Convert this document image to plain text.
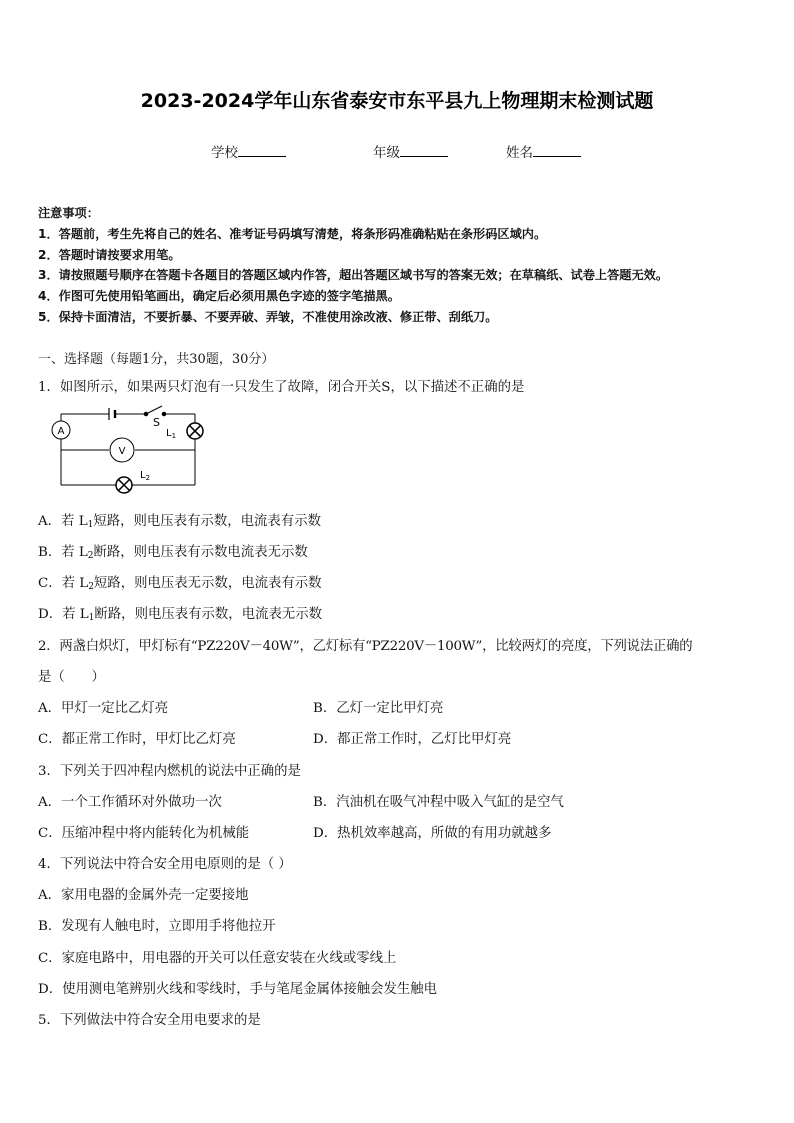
2023-2024学年山东省泰安市东平县九上物理期末检测试题
学校	年级	姓名
注意事项：
1．答题前，考生先将自己的姓名、准考证号码填写清楚，将条形码准确粘贴在条形码区域内。
2．答题时请按要求用笔。
3．请按照题号顺序在答题卡各题目的答题区域内作答，超出答题区域书写的答案无效；在草稿纸、试卷上答题无效。
4．作图可先使用铅笔画出，确定后必须用黑色字迹的签字笔描黑。
5．保持卡面清洁，不要折暴、不要弄破、弄皱，不准使用涂改液、修正带、刮纸刀。
一、选择题（每题1分，共30题，30分）
1．如图所示，如果两只灯泡有一只发生了故障，闭合开关S，以下描述不正确的是
A
V
S
$L_1$
$L_2$
A．若 $L_1$短路，则电压表有示数，电流表有示数
B．若 $L_2$断路，则电压表有示数电流表无示数
C．若 $L_2$短路，则电压表无示数，电流表有示数
D．若 $L_1$断路，则电压表有示数，电流表无示数
2．两盏白炽灯，甲灯标有“PZ220V－40W”，乙灯标有“PZ220V－100W”，比较两灯的亮度，下列说法正确的
是（　　）
A．甲灯一定比乙灯亮	B．乙灯一定比甲灯亮
C．都正常工作时，甲灯比乙灯亮	D．都正常工作时，乙灯比甲灯亮
3．下列关于四冲程内燃机的说法中正确的是
A．一个工作循环对外做功一次	B．汽油机在吸气冲程中吸入气缸的是空气
C．压缩冲程中将内能转化为机械能	D．热机效率越高，所做的有用功就越多
4．下列说法中符合安全用电原则的是（ ）
A．家用电器的金属外壳一定要接地
B．发现有人触电时，立即用手将他拉开
C．家庭电路中，用电器的开关可以任意安装在火线或零线上
D．使用测电笔辨别火线和零线时，手与笔尾金属体接触会发生触电
5．下列做法中符合安全用电要求的是
